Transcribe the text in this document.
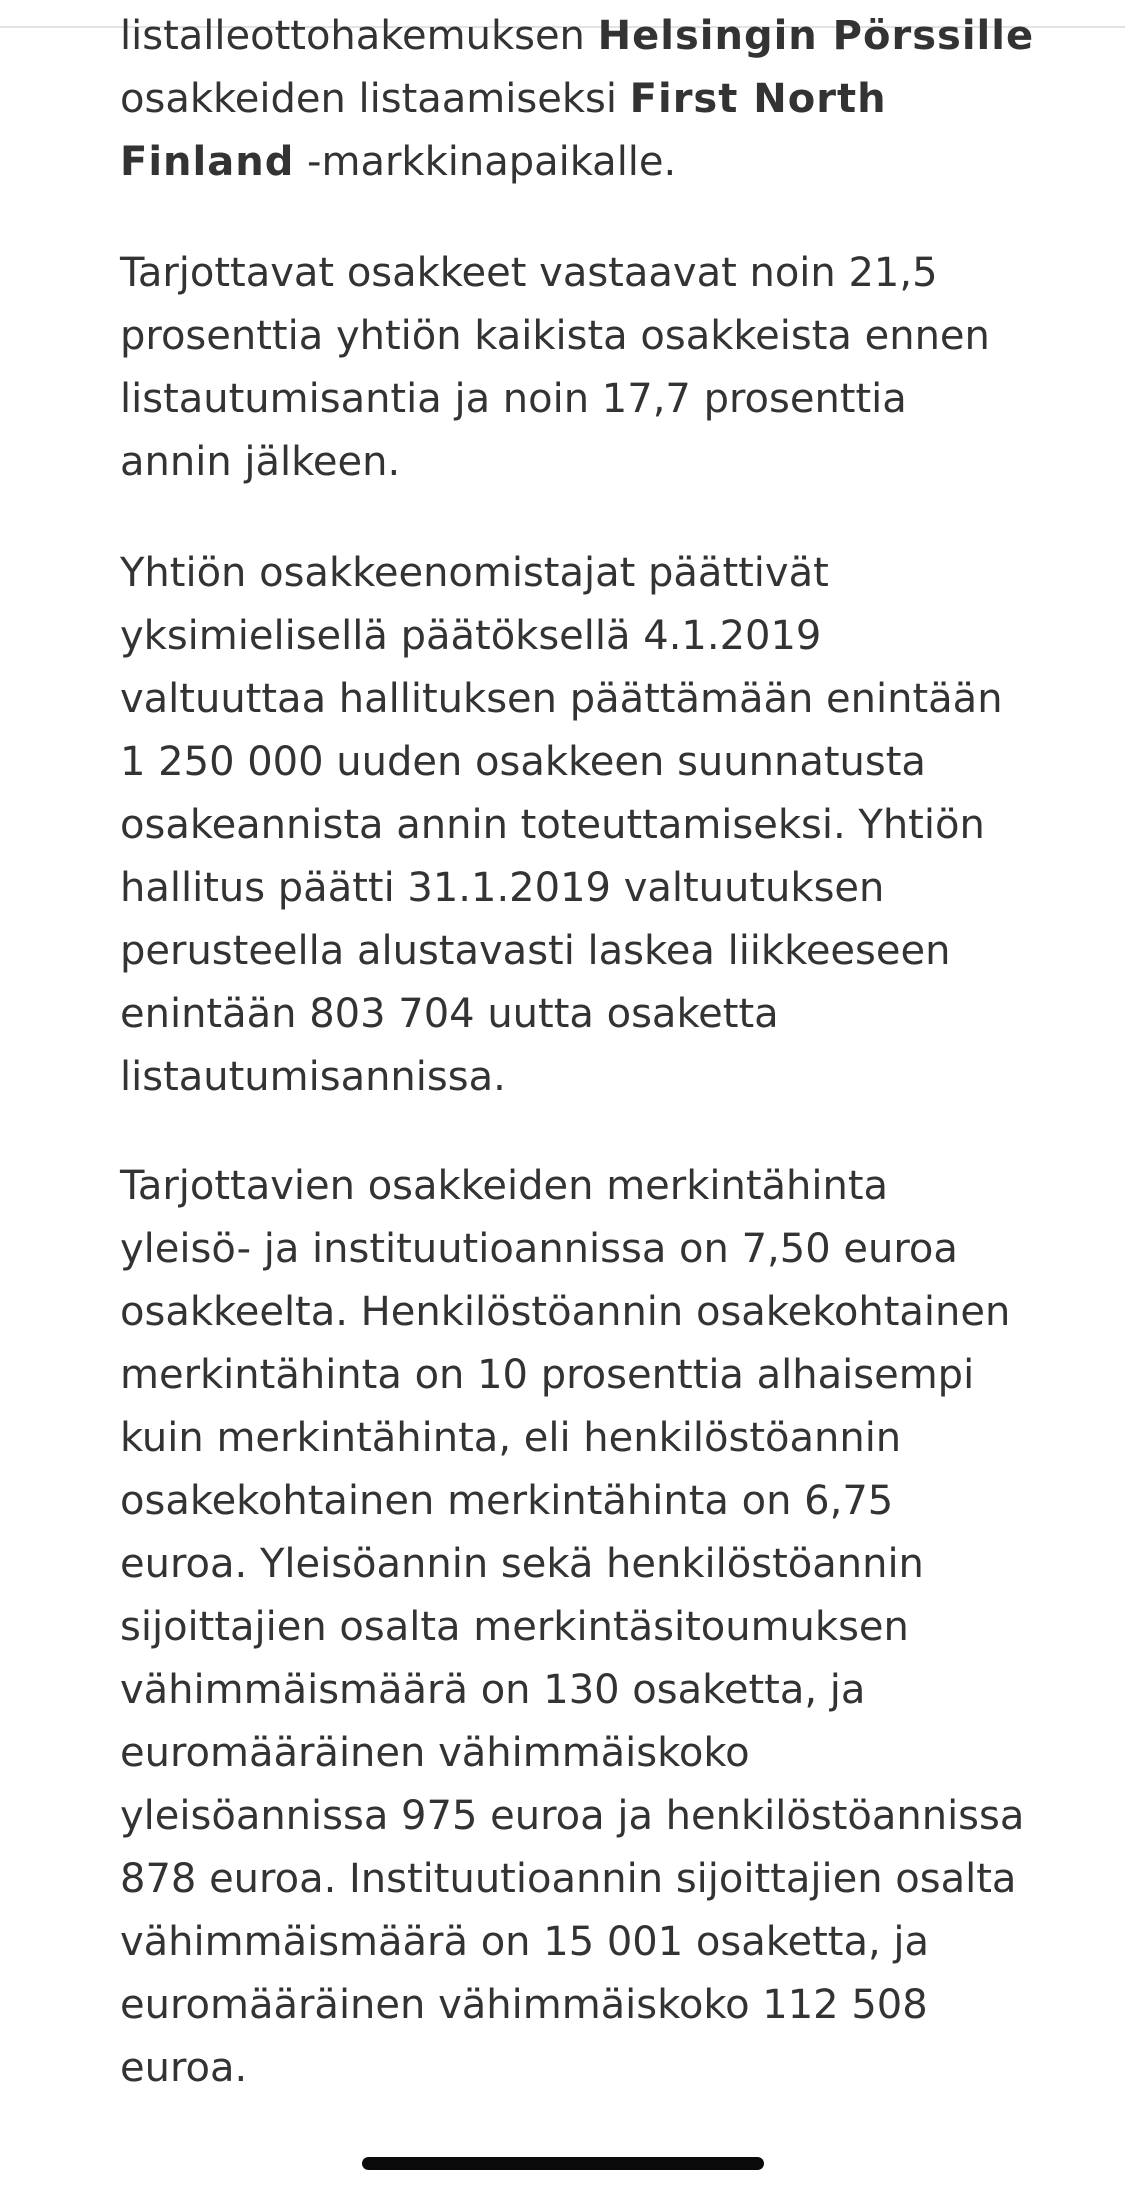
listalleottohakemuksen Helsingin Pörssille
osakkeiden listaamiseksi First North
Finland -markkinapaikalle.

Tarjottavat osakkeet vastaavat noin 21,5
prosenttia yhtiön kaikista osakkeista ennen
listautumisantia ja noin 17,7 prosenttia
annin jälkeen.

Yhtiön osakkeenomistajat päättivät
yksimielisellä päätöksellä 4.1.2019
valtuuttaa hallituksen päättämään enintään
1 250 000 uuden osakkeen suunnatusta
osakeannista annin toteuttamiseksi. Yhtiön
hallitus päätti 31.1.2019 valtuutuksen
perusteella alustavasti laskea liikkeeseen
enintään 803 704 uutta osaketta
listautumisannissa.

Tarjottavien osakkeiden merkintähinta
yleisö- ja instituutioannissa on 7,50 euroa
osakkeelta. Henkilöstöannin osakekohtainen
merkintähinta on 10 prosenttia alhaisempi
kuin merkintähinta, eli henkilöstöannin
osakekohtainen merkintähinta on 6,75
euroa. Yleisöannin sekä henkilöstöannin
sijoittajien osalta merkintäsitoumuksen
vähimmäismäärä on 130 osaketta, ja
euromääräinen vähimmäiskoko
yleisöannissa 975 euroa ja henkilöstöannissa
878 euroa. Instituutioannin sijoittajien osalta
vähimmäismäärä on 15 001 osaketta, ja
euromääräinen vähimmäiskoko 112 508
euroa.
